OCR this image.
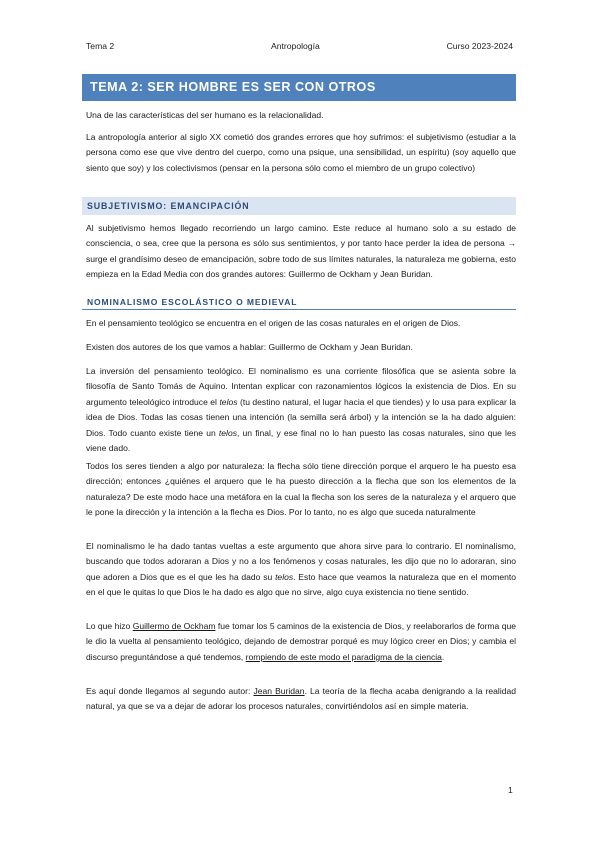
Tema 2	Antropología	Curso 2023-2024
TEMA 2: SER HOMBRE ES SER CON OTROS

Una de las características del ser humano es la relacionalidad.

La antropología anterior al siglo XX cometió dos grandes errores que hoy sufrimos: el subjetivismo (estudiar a la persona como ese que vive dentro del cuerpo, como una psique, una sensibilidad, un espíritu) (soy aquello que siento que soy) y los colectivismos (pensar en la persona sólo como el miembro de un grupo colectivo)

SUBJETIVISMO: EMANCIPACIÓN

Al subjetivismo hemos llegado recorriendo un largo camino. Este reduce al humano solo a su estado de consciencia, o sea, cree que la persona es sólo sus sentimientos, y por tanto hace perder la idea de persona → surge el grandísimo deseo de emancipación, sobre todo de sus límites naturales, la naturaleza me gobierna, esto empieza en la Edad Media con dos grandes autores: Guillermo de Ockham y Jean Buridan.

NOMINALISMO ESCOLÁSTICO O MEDIEVAL

En el pensamiento teológico se encuentra en el origen de las cosas naturales en el origen de Dios.

Existen dos autores de los que vamos a hablar: Guillermo de Ockham y Jean Buridan.

La inversión del pensamiento teológico. El nominalismo es una corriente filosófica que se asienta sobre la filosofía de Santo Tomás de Aquino. Intentan explicar con razonamientos lógicos la existencia de Dios. En su argumento teleológico introduce el telos (tu destino natural, el lugar hacia el que tiendes) y lo usa para explicar la idea de Dios. Todas las cosas tienen una intención (la semilla será árbol) y la intención se la ha dado alguien: Dios. Todo cuanto existe tiene un telos, un final, y ese final no lo han puesto las cosas naturales, sino que les viene dado.

Todos los seres tienden a algo por naturaleza: la flecha sólo tiene dirección porque el arquero le ha puesto esa dirección; entonces ¿quiénes el arquero que le ha puesto dirección a la flecha que son los elementos de la naturaleza? De este modo hace una metáfora en la cual la flecha son los seres de la naturaleza y el arquero que le pone la dirección y la intención a la flecha es Dios. Por lo tanto, no es algo que suceda naturalmente

El nominalismo le ha dado tantas vueltas a este argumento que ahora sirve para lo contrario. El nominalismo, buscando que todos adoraran a Dios y no a los fenómenos y cosas naturales, les dijo que no lo adoraran, sino que adoren a Dios que es el que les ha dado su telos. Esto hace que veamos la naturaleza que en el momento en el que le quitas lo que Dios le ha dado es algo que no sirve, algo cuya existencia no tiene sentido.

Lo que hizo Guillermo de Ockham fue tomar los 5 caminos de la existencia de Dios, y reelaborarlos de forma que le dio la vuelta al pensamiento teológico, dejando de demostrar porqué es muy lógico creer en Dios; y cambia el discurso preguntándose a qué tendemos, rompiendo de este modo el paradigma de la ciencia.

Es aquí donde llegamos al segundo autor: Jean Buridan. La teoría de la flecha acaba denigrando a la realidad natural, ya que se va a dejar de adorar los procesos naturales, convirtiéndolos así en simple materia.

1
